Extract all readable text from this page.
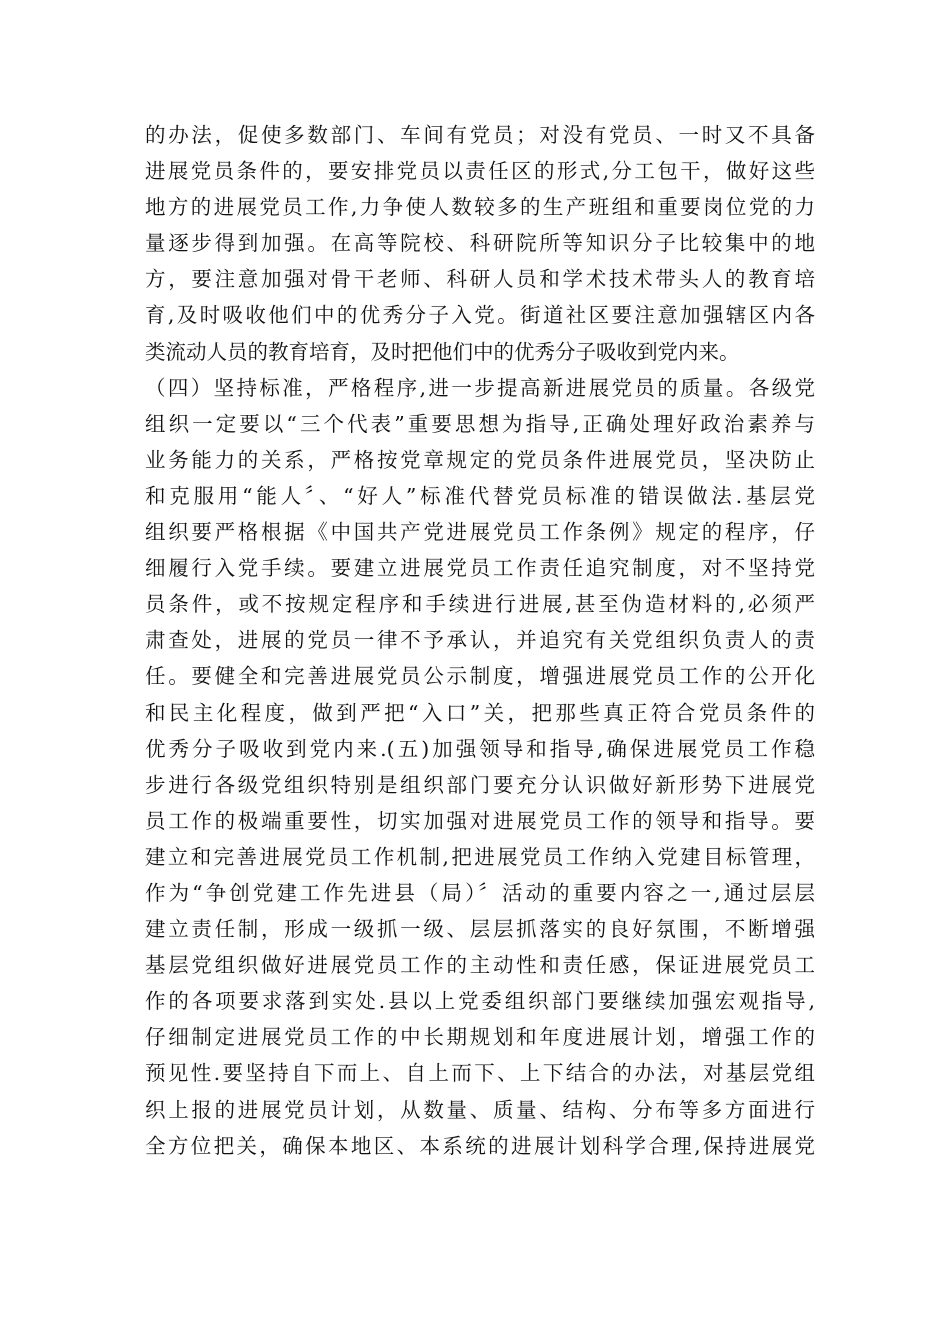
的办法，促使多数部门、车间有党员；对没有党员、一时又不具备
进展党员条件的，要安排党员以责任区的形式,分工包干，做好这些
地方的进展党员工作,力争使人数较多的生产班组和重要岗位党的力
量逐步得到加强。在高等院校、科研院所等知识分子比较集中的地
方，要注意加强对骨干老师、科研人员和学术技术带头人的教育培
育,及时吸收他们中的优秀分子入党。街道社区要注意加强辖区内各
类流动人员的教育培育，及时把他们中的优秀分子吸收到党内来。
（四）坚持标准，严格程序,进一步提高新进展党员的质量。各级党
组织一定要以“三个代表”重要思想为指导,正确处理好政治素养与
业务能力的关系，严格按党章规定的党员条件进展党员，坚决防止
和克服用“能人〞、“好人”标准代替党员标准的错误做法.基层党
组织要严格根据《中国共产党进展党员工作条例》规定的程序，仔
细履行入党手续。要建立进展党员工作责任追究制度，对不坚持党
员条件，或不按规定程序和手续进行进展,甚至伪造材料的,必须严
肃查处，进展的党员一律不予承认，并追究有关党组织负责人的责
任。要健全和完善进展党员公示制度，增强进展党员工作的公开化
和民主化程度，做到严把“入口”关，把那些真正符合党员条件的
优秀分子吸收到党内来.(五)加强领导和指导,确保进展党员工作稳
步进行各级党组织特别是组织部门要充分认识做好新形势下进展党
员工作的极端重要性，切实加强对进展党员工作的领导和指导。要
建立和完善进展党员工作机制,把进展党员工作纳入党建目标管理，
作为“争创党建工作先进县（局）〞活动的重要内容之一,通过层层
建立责任制，形成一级抓一级、层层抓落实的良好氛围，不断增强
基层党组织做好进展党员工作的主动性和责任感，保证进展党员工
作的各项要求落到实处.县以上党委组织部门要继续加强宏观指导,
仔细制定进展党员工作的中长期规划和年度进展计划，增强工作的
预见性.要坚持自下而上、自上而下、上下结合的办法，对基层党组
织上报的进展党员计划，从数量、质量、结构、分布等多方面进行
全方位把关，确保本地区、本系统的进展计划科学合理,保持进展党
